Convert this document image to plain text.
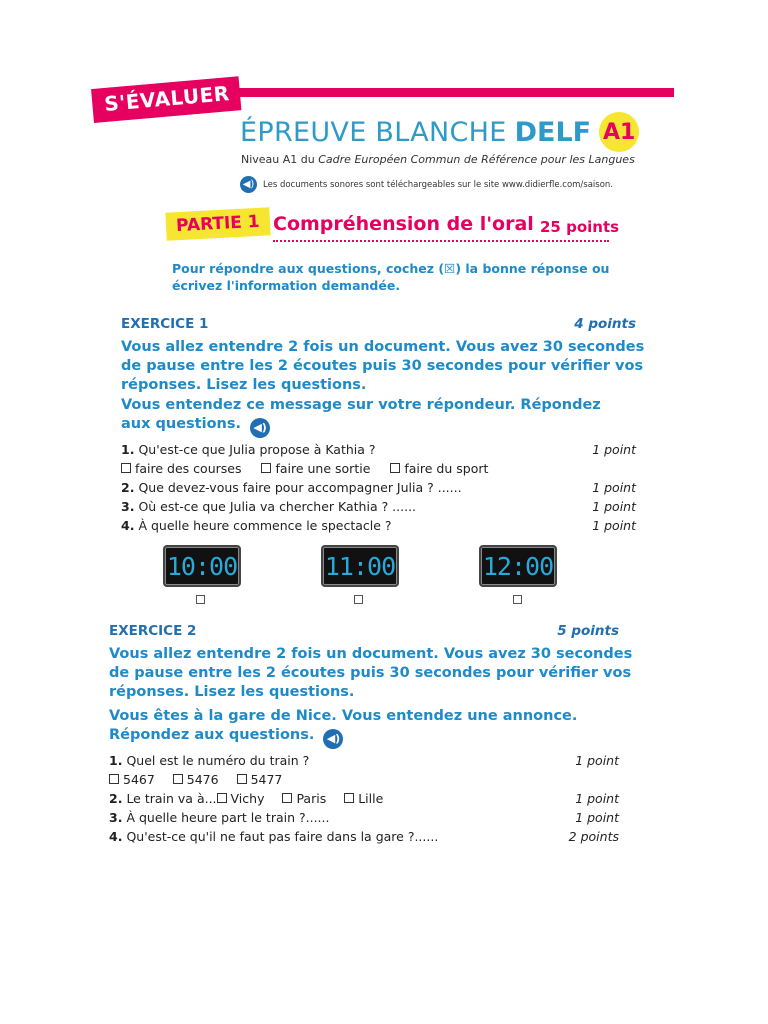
S'ÉVALUER
ÉPREUVE BLANCHE DELF A1
Niveau A1 du Cadre Européen Commun de Référence pour les Langues
◀)	Les documents sonores sont téléchargeables sur le site www.didierfle.com/saison.
PARTIE 1 Compréhension de l'oral 25 points
Pour répondre aux questions, cochez (☒) la bonne réponse ou écrivez l'information demandée.
EXERCICE 1	4 points
Vous allez entendre 2 fois un document. Vous avez 30 secondes de pause entre les 2 écoutes puis 30 secondes pour vérifier vos réponses. Lisez les questions.
Vous entendez ce message sur votre répondeur. Répondez aux questions. ◀)
1. Qu'est-ce que Julia propose à Kathia ?	1 point
faire des courses	faire une sortie	faire du sport
2. Que devez-vous faire pour accompagner Julia ? ......	1 point
3. Où est-ce que Julia va chercher Kathia ? ......	1 point
4. À quelle heure commence le spectacle ?	1 point
10:00	11:00	12:00
EXERCICE 2	5 points
Vous allez entendre 2 fois un document. Vous avez 30 secondes de pause entre les 2 écoutes puis 30 secondes pour vérifier vos réponses. Lisez les questions.
Vous êtes à la gare de Nice. Vous entendez une annonce. Répondez aux questions. ◀)
1. Quel est le numéro du train ?	1 point
5467	5476	5477
2. Le train va à... Vichy	Paris	Lille	1 point
3. À quelle heure part le train ?......	1 point
4. Qu'est-ce qu'il ne faut pas faire dans la gare ?......	2 points
